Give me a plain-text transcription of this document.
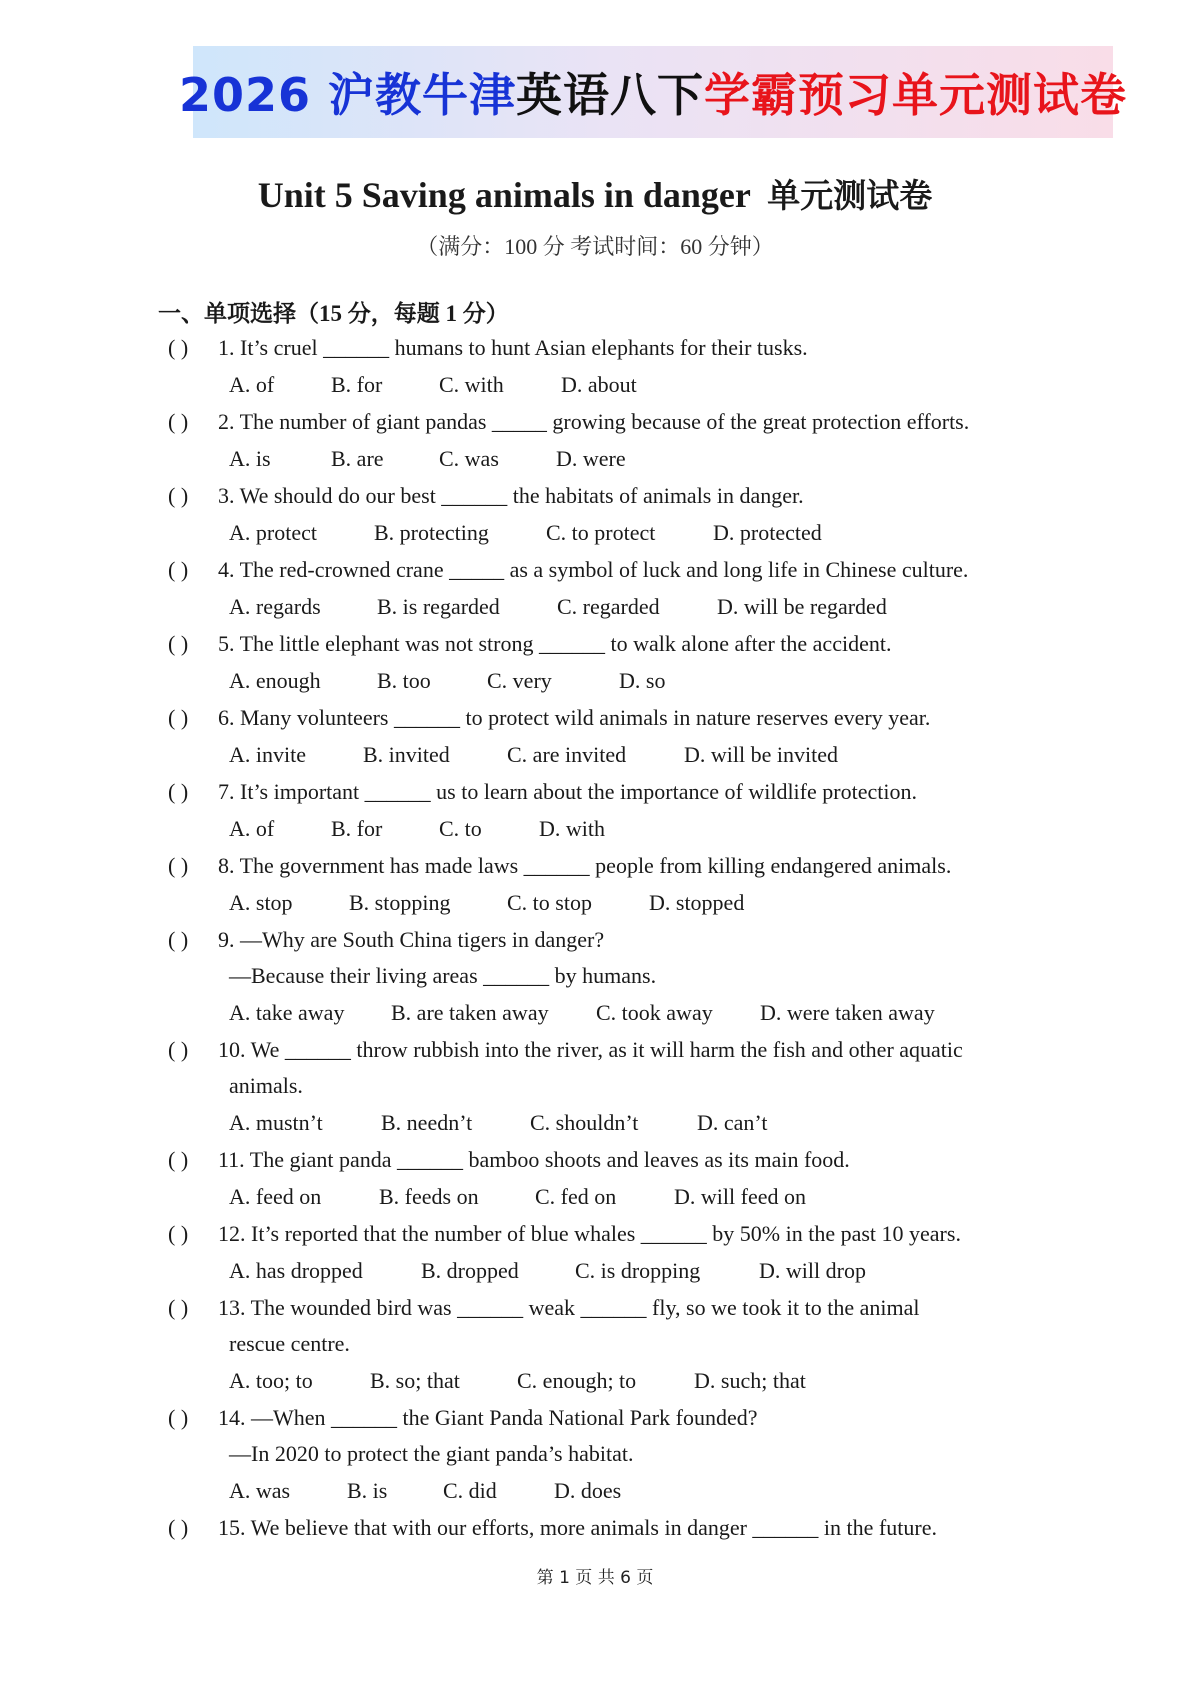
2026 沪教牛津 英语八下 学霸预习单元测试卷
Unit 5 Saving animals in danger 单元测试卷
（满分：100 分 考试时间：60 分钟）
一、单项选择（15 分，每题 1 分）
( ) 1. It’s cruel ______ humans to hunt Asian elephants for their tusks.
A. of	B. for	C. with	D. about
( ) 2. The number of giant pandas _____ growing because of the great protection efforts.
A. is	B. are	C. was	D. were
( ) 3. We should do our best ______ the habitats of animals in danger.
A. protect	B. protecting	C. to protect	D. protected
( ) 4. The red-crowned crane _____ as a symbol of luck and long life in Chinese culture.
A. regards	B. is regarded	C. regarded	D. will be regarded
( ) 5. The little elephant was not strong ______ to walk alone after the accident.
A. enough	B. too	C. very	D. so
( ) 6. Many volunteers ______ to protect wild animals in nature reserves every year.
A. invite	B. invited	C. are invited	D. will be invited
( ) 7. It’s important ______ us to learn about the importance of wildlife protection.
A. of	B. for	C. to	D. with
( ) 8. The government has made laws ______ people from killing endangered animals.
A. stop	B. stopping	C. to stop	D. stopped
( ) 9. —Why are South China tigers in danger?
—Because their living areas ______ by humans.
A. take away B. are taken away C. took away D. were taken away
( ) 10. We ______ throw rubbish into the river, as it will harm the fish and other aquatic
animals.
A. mustn’t	B. needn’t	C. shouldn’t	D. can’t
( ) 11. The giant panda ______ bamboo shoots and leaves as its main food.
A. feed on	B. feeds on	C. fed on	D. will feed on
( ) 12. It’s reported that the number of blue whales ______ by 50% in the past 10 years.
A. has dropped	B. dropped	C. is dropping	D. will drop
( ) 13. The wounded bird was ______ weak ______ fly, so we took it to the animal
rescue centre.
A. too; to	B. so; that	C. enough; to	D. such; that
( ) 14. —When ______ the Giant Panda National Park founded?
—In 2020 to protect the giant panda’s habitat.
A. was	B. is	C. did	D. does
( ) 15. We believe that with our efforts, more animals in danger ______ in the future.
第 1 页 共 6 页
